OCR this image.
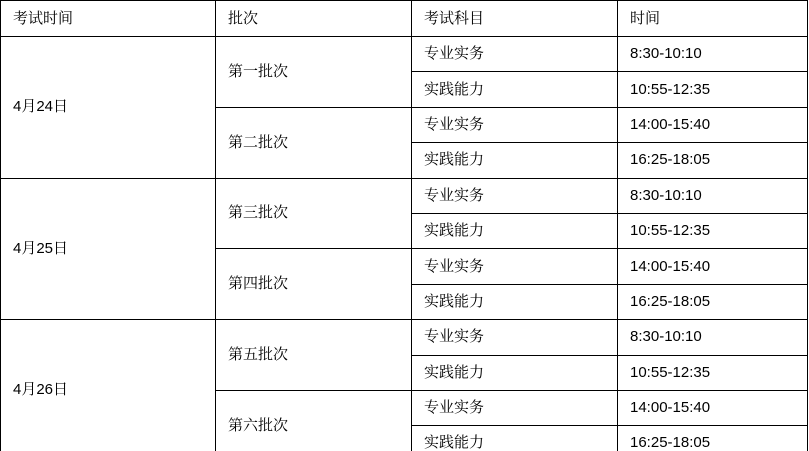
考试时间	批次	考试科目	时间
4月24日	第一批次	专业实务	8:30-10:10
		实践能力	10:55-12:35
	第二批次	专业实务	14:00-15:40
		实践能力	16:25-18:05
4月25日	第三批次	专业实务	8:30-10:10
		实践能力	10:55-12:35
	第四批次	专业实务	14:00-15:40
		实践能力	16:25-18:05
4月26日	第五批次	专业实务	8:30-10:10
		实践能力	10:55-12:35
	第六批次	专业实务	14:00-15:40
		实践能力	16:25-18:05
